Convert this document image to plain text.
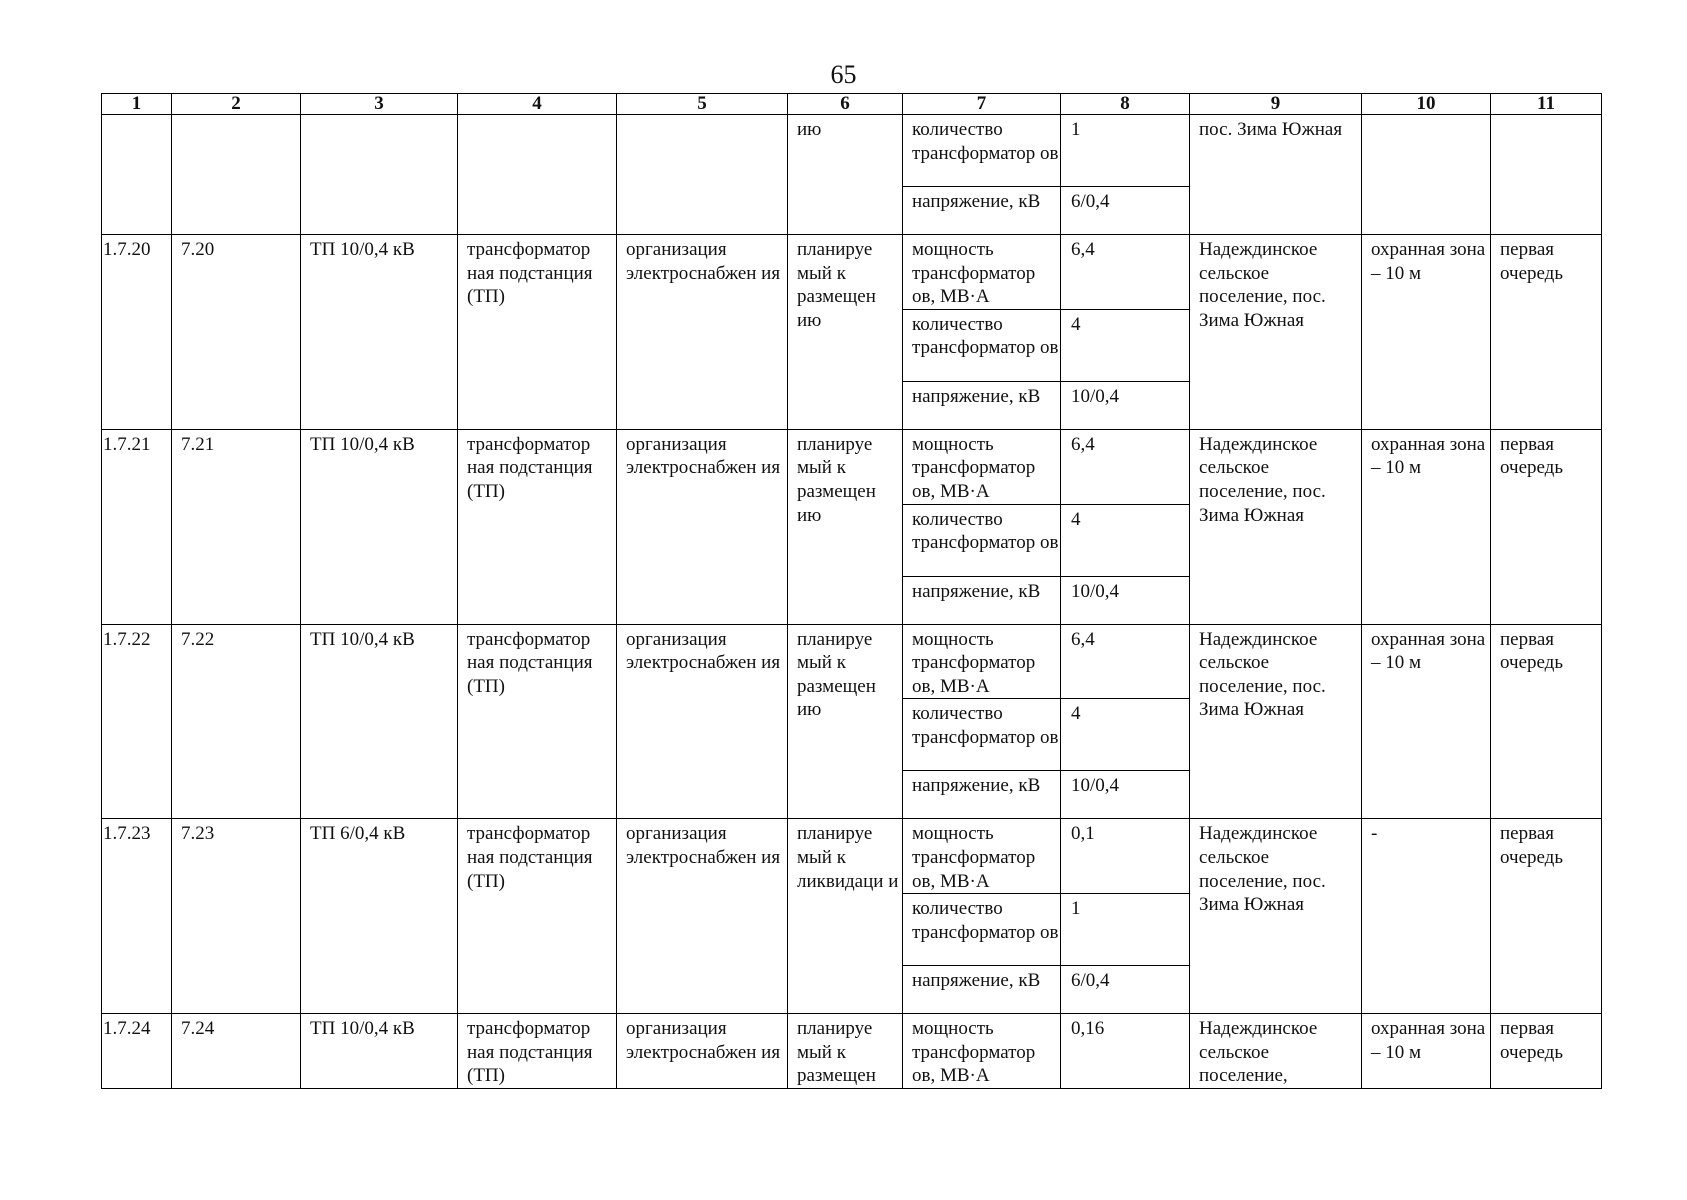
65
1	2	3	4	5	6	7	8	9	10	11
					ию	количество трансформатор ов	1	пос. Зима Южная		
						напряжение, кВ	6/0,4			
1.7.20	7.20	ТП 10/0,4 кВ	трансформатор ная подстанция (ТП)	организация электроснабжен ия	планируе мый к размещен ию	мощность трансформатор ов, МВ·А	6,4	Надеждинское сельское поселение, пос. Зима Южная	охранная зона – 10 м	первая очередь
						количество трансформатор ов	4			
						напряжение, кВ	10/0,4			
1.7.21	7.21	ТП 10/0,4 кВ	трансформатор ная подстанция (ТП)	организация электроснабжен ия	планируе мый к размещен ию	мощность трансформатор ов, МВ·А	6,4	Надеждинское сельское поселение, пос. Зима Южная	охранная зона – 10 м	первая очередь
						количество трансформатор ов	4			
						напряжение, кВ	10/0,4			
1.7.22	7.22	ТП 10/0,4 кВ	трансформатор ная подстанция (ТП)	организация электроснабжен ия	планируе мый к размещен ию	мощность трансформатор ов, МВ·А	6,4	Надеждинское сельское поселение, пос. Зима Южная	охранная зона – 10 м	первая очередь
						количество трансформатор ов	4			
						напряжение, кВ	10/0,4			
1.7.23	7.23	ТП 6/0,4 кВ	трансформатор ная подстанция (ТП)	организация электроснабжен ия	планируе мый к ликвидаци и	мощность трансформатор ов, МВ·А	0,1	Надеждинское сельское поселение, пос. Зима Южная	-	первая очередь
						количество трансформатор ов	1			
						напряжение, кВ	6/0,4			
1.7.24	7.24	ТП 10/0,4 кВ	трансформатор ная подстанция (ТП)	организация электроснабжен ия	планируе мый к размещен	мощность трансформатор ов, МВ·А	0,16	Надеждинское сельское поселение,	охранная зона – 10 м	первая очередь
